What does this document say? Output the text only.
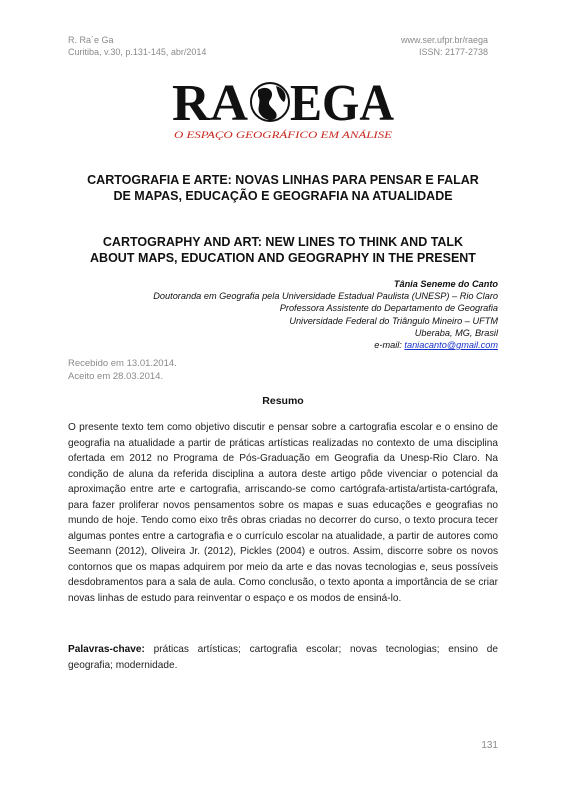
R. Ra´e Ga
Curitiba, v.30, p.131-145, abr/2014
www.ser.ufpr.br/raega
ISSN: 2177-2738
RA EGA
O ESPAÇO GEOGRÁFICO EM ANÁLISE
CARTOGRAFIA E ARTE: NOVAS LINHAS PARA PENSAR E FALAR
DE MAPAS, EDUCAÇÃO E GEOGRAFIA NA ATUALIDADE
CARTOGRAPHY AND ART: NEW LINES TO THINK AND TALK
ABOUT MAPS, EDUCATION AND GEOGRAPHY IN THE PRESENT
Tânia Seneme do Canto
Doutoranda em Geografia pela Universidade Estadual Paulista (UNESP) – Rio Claro
Professora Assistente do Departamento de Geografia
Universidade Federal do Triângulo Mineiro – UFTM
Uberaba, MG, Brasil
e-mail: taniacanto@gmail.com
Recebido em 13.01.2014.
Aceito em 28.03.2014.
Resumo

O presente texto tem como objetivo discutir e pensar sobre a cartografia escolar e o ensino de geografia na atualidade a partir de práticas artísticas realizadas no contexto de uma disciplina ofertada em 2012 no Programa de Pós-Graduação em Geografia da Unesp-Rio Claro. Na condição de aluna da referida disciplina a autora deste artigo pôde vivenciar o potencial da aproximação entre arte e cartografia, arriscando-se como cartógrafa-artista/artista-cartógrafa, para fazer proliferar novos pensamentos sobre os mapas e suas educações e geografias no mundo de hoje. Tendo como eixo três obras criadas no decorrer do curso, o texto procura tecer algumas pontes entre a cartografia e o currículo escolar na atualidade, a partir de autores como Seemann (2012), Oliveira Jr. (2012), Pickles (2004) e outros. Assim, discorre sobre os novos contornos que os mapas adquirem por meio da arte e das novas tecnologias e, seus possíveis desdobramentos para a sala de aula. Como conclusão, o texto aponta a importância de se criar novas linhas de estudo para reinventar o espaço e os modos de ensiná-lo.

Palavras-chave: práticas artísticas; cartografia escolar; novas tecnologias; ensino de geografia; modernidade.

131
